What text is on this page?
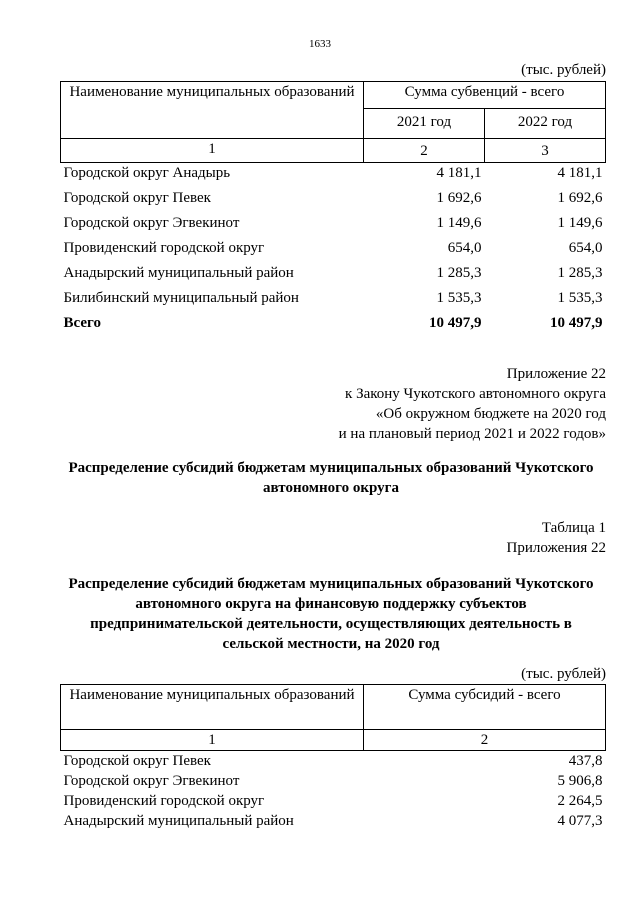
1633
(тыс. рублей)
Наименование муниципальных образований	Сумма субвенций - всего	
	2021 год	2022 год
1	2	3
Городской округ Анадырь	4 181,1	4 181,1
Городской округ Певек	1 692,6	1 692,6
Городской округ Эгвекинот	1 149,6	1 149,6
Провиденский городской округ	654,0	654,0
Анадырский муниципальный район	1 285,3	1 285,3
Билибинский муниципальный район	1 535,3	1 535,3
Всего	10 497,9	10 497,9
Приложение 22
к Закону Чукотского автономного округа
«Об окружном бюджете на 2020 год
и на плановый период 2021 и 2022 годов»
Распределение субсидий бюджетам муниципальных образований Чукотского
автономного округа
Таблица 1
Приложения 22
Распределение субсидий бюджетам муниципальных образований Чукотского
автономного округа на финансовую поддержку субъектов
предпринимательской деятельности, осуществляющих деятельность в
сельской местности, на 2020 год
(тыс. рублей)
Наименование муниципальных образований	Сумма субсидий - всего
1	2
Городской округ Певек	437,8
Городской округ Эгвекинот	5 906,8
Провиденский городской округ	2 264,5
Анадырский муниципальный район	4 077,3
